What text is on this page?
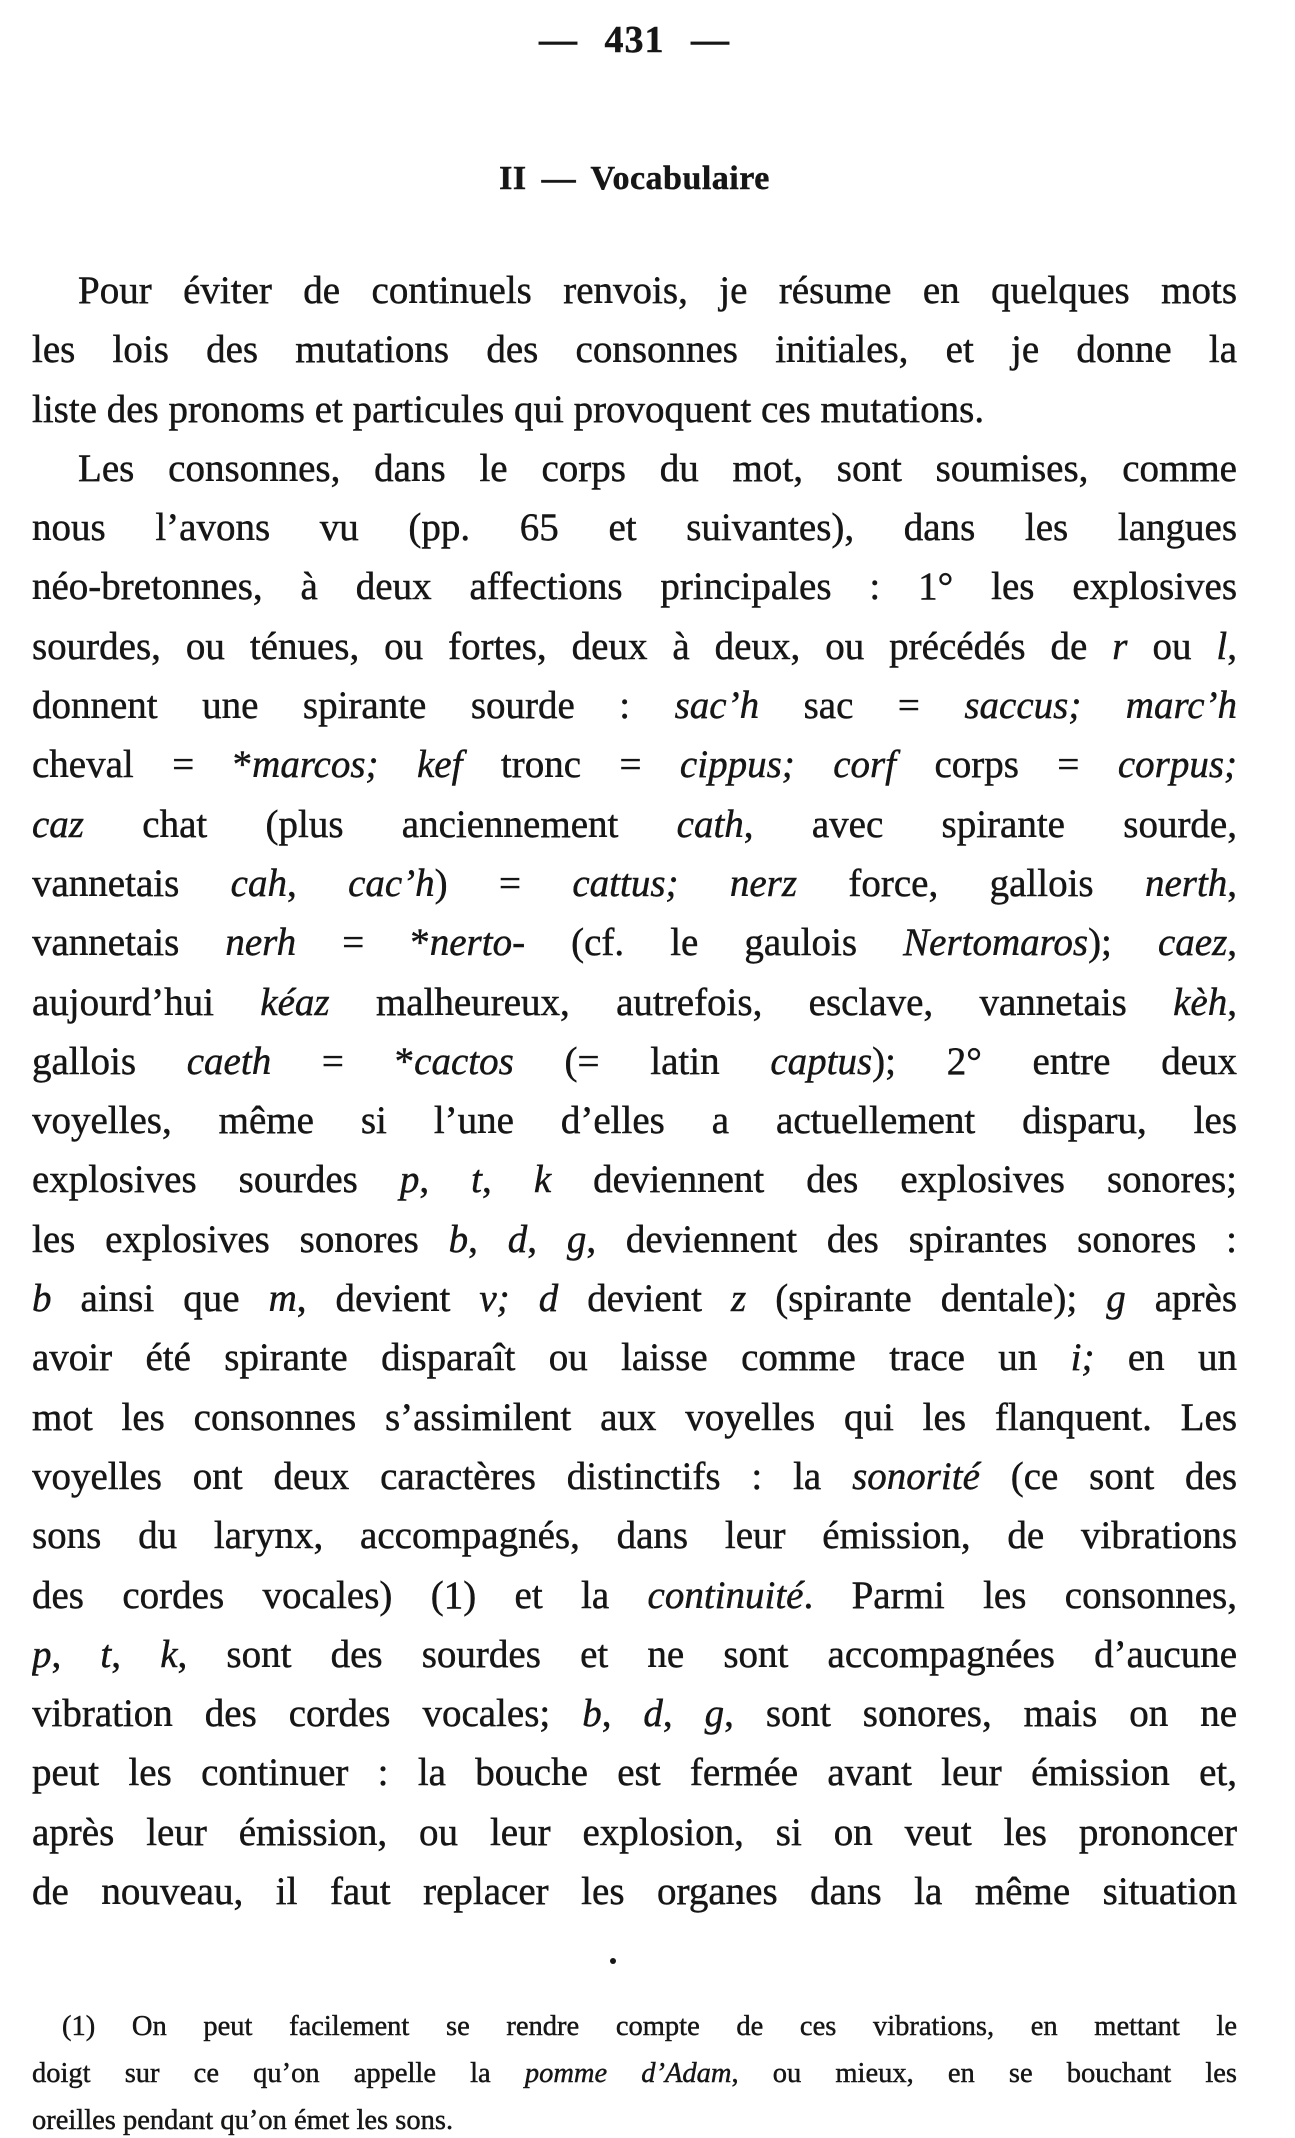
— 431 —
II — Vocabulaire
Pour éviter de continuels renvois, je résume en quelques mots
les lois des mutations des consonnes initiales, et je donne la
liste des pronoms et particules qui provoquent ces mutations.
Les consonnes, dans le corps du mot, sont soumises, comme
nous l’avons vu (pp. 65 et suivantes), dans les langues
néo-bretonnes, à deux affections principales : 1° les explosives
sourdes, ou ténues, ou fortes, deux à deux, ou précédés de r ou l,
donnent une spirante sourde : sac’h sac = saccus; marc’h
cheval = *marcos; kef tronc = cippus; corf corps = corpus;
caz chat (plus anciennement cath, avec spirante sourde,
vannetais cah, cac’h) = cattus; nerz force, gallois nerth,
vannetais nerh = *nerto- (cf. le gaulois Nertomaros); caez,
aujourd’hui kéaz malheureux, autrefois, esclave, vannetais kèh,
gallois caeth = *cactos (= latin captus); 2° entre deux
voyelles, même si l’une d’elles a actuellement disparu, les
explosives sourdes p, t, k deviennent des explosives sonores;
les explosives sonores b, d, g, deviennent des spirantes sonores :
b ainsi que m, devient v; d devient z (spirante dentale); g après
avoir été spirante disparaît ou laisse comme trace un i; en un
mot les consonnes s’assimilent aux voyelles qui les flanquent. Les
voyelles ont deux caractères distinctifs : la sonorité (ce sont des
sons du larynx, accompagnés, dans leur émission, de vibrations
des cordes vocales) (1) et la continuité. Parmi les consonnes,
p, t, k, sont des sourdes et ne sont accompagnées d’aucune
vibration des cordes vocales; b, d, g, sont sonores, mais on ne
peut les continuer : la bouche est fermée avant leur émission et,
après leur émission, ou leur explosion, si on veut les prononcer
de nouveau, il faut replacer les organes dans la même situation
(1) On peut facilement se rendre compte de ces vibrations, en mettant le
doigt sur ce qu’on appelle la pomme d’Adam, ou mieux, en se bouchant les
oreilles pendant qu’on émet les sons.
